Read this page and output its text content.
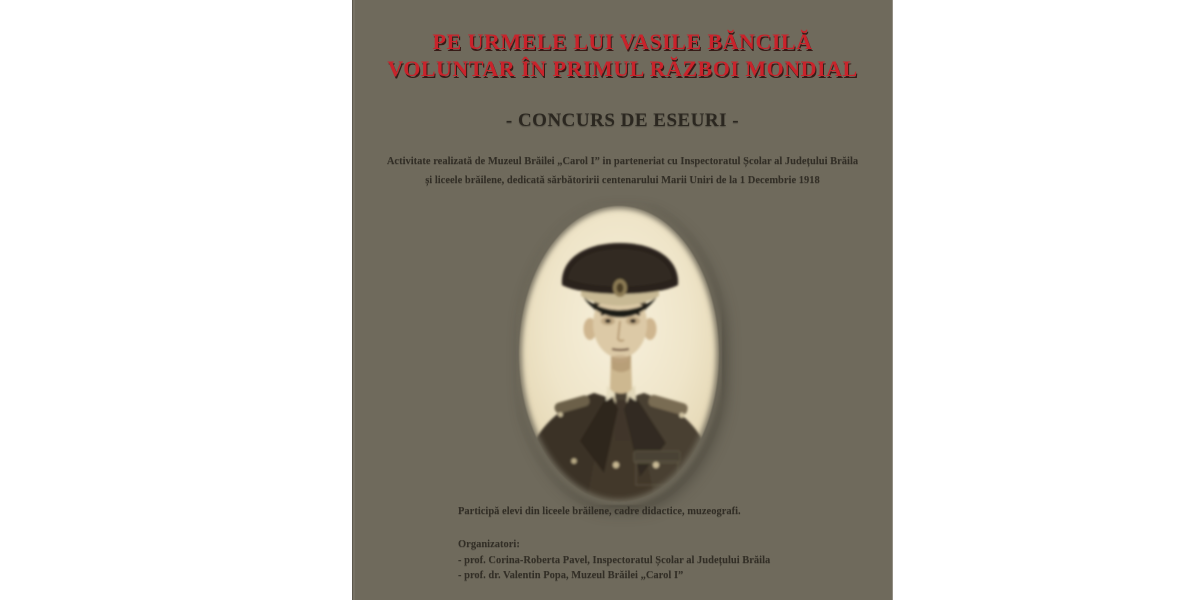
PE URMELE LUI VASILE BĂNCILĂ
VOLUNTAR ÎN PRIMUL RĂZBOI MONDIAL
- CONCURS DE ESEURI -
Activitate realizată de Muzeul Brăilei „Carol I” in parteneriat cu Inspectoratul Școlar al Județului Brăila
și liceele brăilene, dedicată sărbătoririi centenarului Marii Uniri de la 1 Decembrie 1918
Participă elevi din liceele brăilene, cadre didactice, muzeografi.
Organizatori:
- prof. Corina-Roberta Pavel, Inspectoratul Școlar al Județului Brăila
- prof. dr. Valentin Popa, Muzeul Brăilei „Carol I”
